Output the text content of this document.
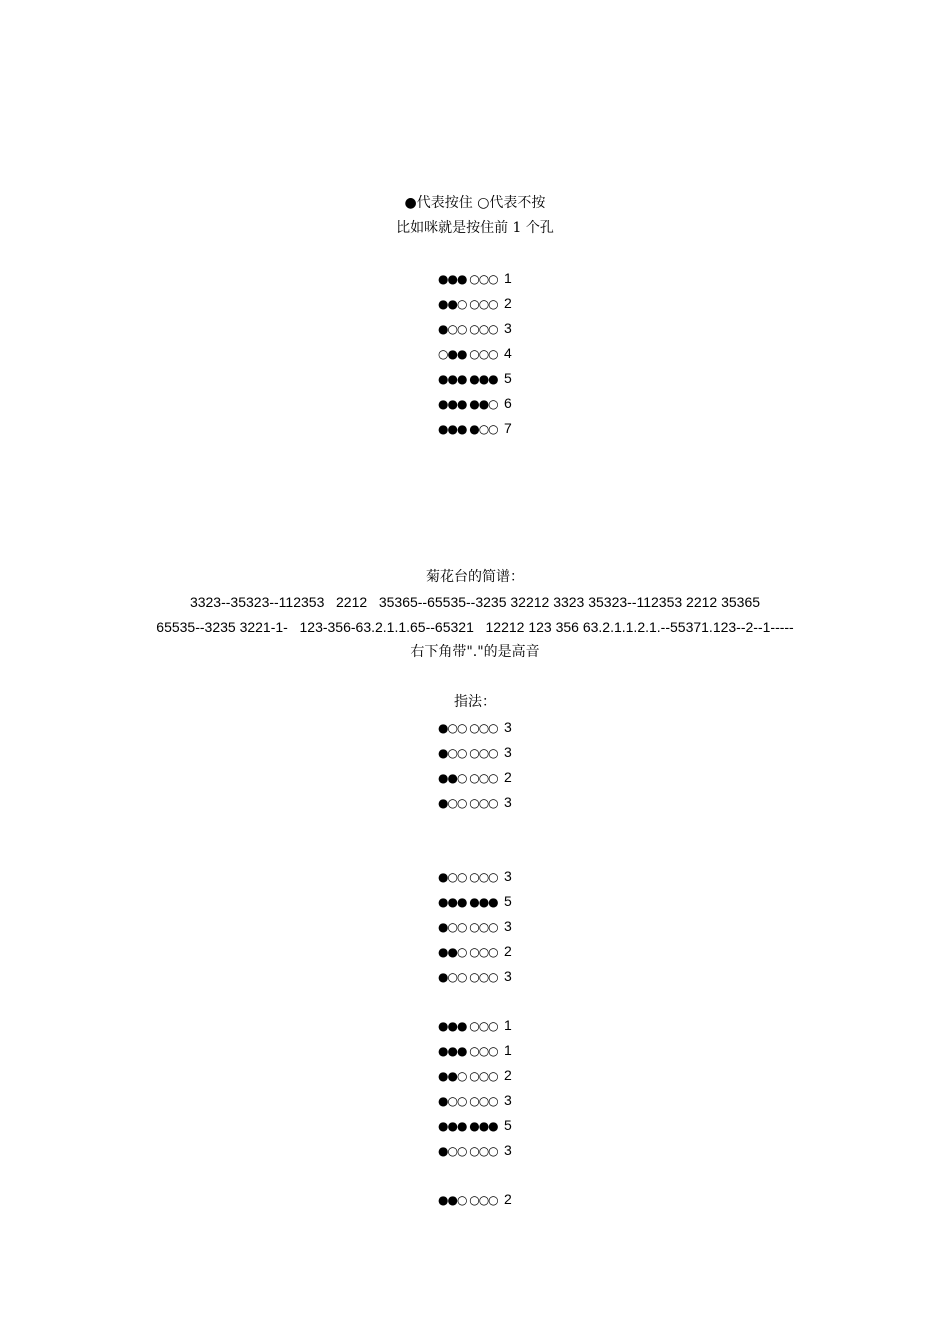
●代表按住 ○代表不按
比如咪就是按住前 1 个孔
●●● ○○○ 1
●●○ ○○○ 2
●○○ ○○○ 3
○●● ○○○ 4
●●● ●●● 5
●●● ●●○ 6
●●● ●○○ 7
菊花台的简谱：
3323--35323--112353   2212   35365--65535--3235 32212 3323 35323--112353 2212 35365
65535--3235 3221-1-   123-356-63.2.1.1.65--65321   12212 123 356 63.2.1.1.2.1.--55371.123--2--1-----
右下角带"."的是高音
指法：
●○○ ○○○ 3
●○○ ○○○ 3
●●○ ○○○ 2
●○○ ○○○ 3
●○○ ○○○ 3
●●● ●●● 5
●○○ ○○○ 3
●●○ ○○○ 2
●○○ ○○○ 3
●●● ○○○ 1
●●● ○○○ 1
●●○ ○○○ 2
●○○ ○○○ 3
●●● ●●● 5
●○○ ○○○ 3
●●○ ○○○ 2
